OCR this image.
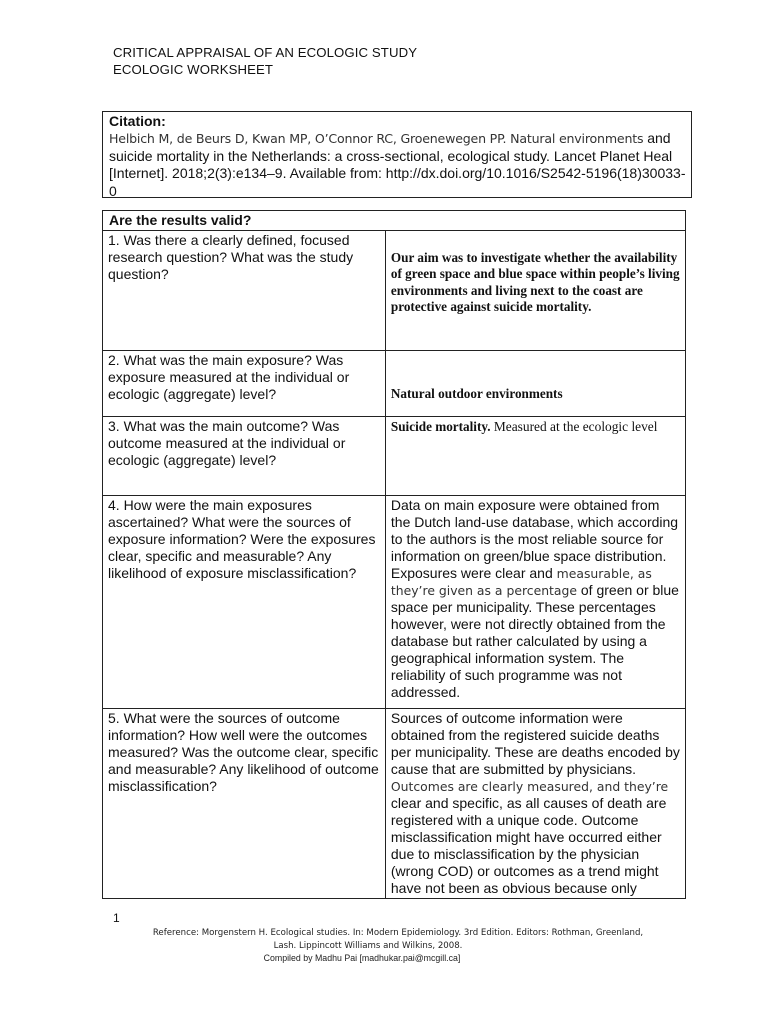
CRITICAL APPRAISAL OF AN ECOLOGIC STUDY
ECOLOGIC WORKSHEET
Citation:
Helbich M, de Beurs D, Kwan MP, O’Connor RC, Groenewegen PP. Natural environments and suicide mortality in the Netherlands: a cross-sectional, ecological study. Lancet Planet Heal [Internet]. 2018;2(3):e134–9. Available from: http://dx.doi.org/10.1016/S2542-5196(18)30033-0
Are the results valid?	
1. Was there a clearly defined, focused research question? What was the study question?	Our aim was to investigate whether the availability of green space and blue space within people’s living environments and living next to the coast are protective against suicide mortality.

2. What was the main exposure? Was exposure measured at the individual or ecologic (aggregate) level?	Natural outdoor environments

3. What was the main outcome? Was outcome measured at the individual or ecologic (aggregate) level?	Suicide mortality. Measured at the ecologic level
4. How were the main exposures ascertained? What were the sources of exposure information? Were the exposures clear, specific and measurable? Any likelihood of exposure misclassification?	Data on main exposure were obtained from the Dutch land-use database, which according to the authors is the most reliable source for information on green/blue space distribution. Exposures were clear and measurable, as they’re given as a percentage of green or blue space per municipality. These percentages however, were not directly obtained from the database but rather calculated by using a geographical information system. The reliability of such programme was not addressed.
5. What were the sources of outcome information? How well were the outcomes measured? Was the outcome clear, specific and measurable? Any likelihood of outcome misclassification?	Sources of outcome information were obtained from the registered suicide deaths per municipality. These are deaths encoded by cause that are submitted by physicians. Outcomes are clearly measured, and they’re clear and specific, as all causes of death are registered with a unique code. Outcome misclassification might have occurred either due to misclassification by the physician (wrong COD) or outcomes as a trend might have not been as obvious because only
1
Reference: Morgenstern H. Ecological studies. In: Modern Epidemiology. 3rd Edition. Editors: Rothman, Greenland,
Lash. Lippincott Williams and Wilkins, 2008.
Compiled by Madhu Pai [madhukar.pai@mcgill.ca]
